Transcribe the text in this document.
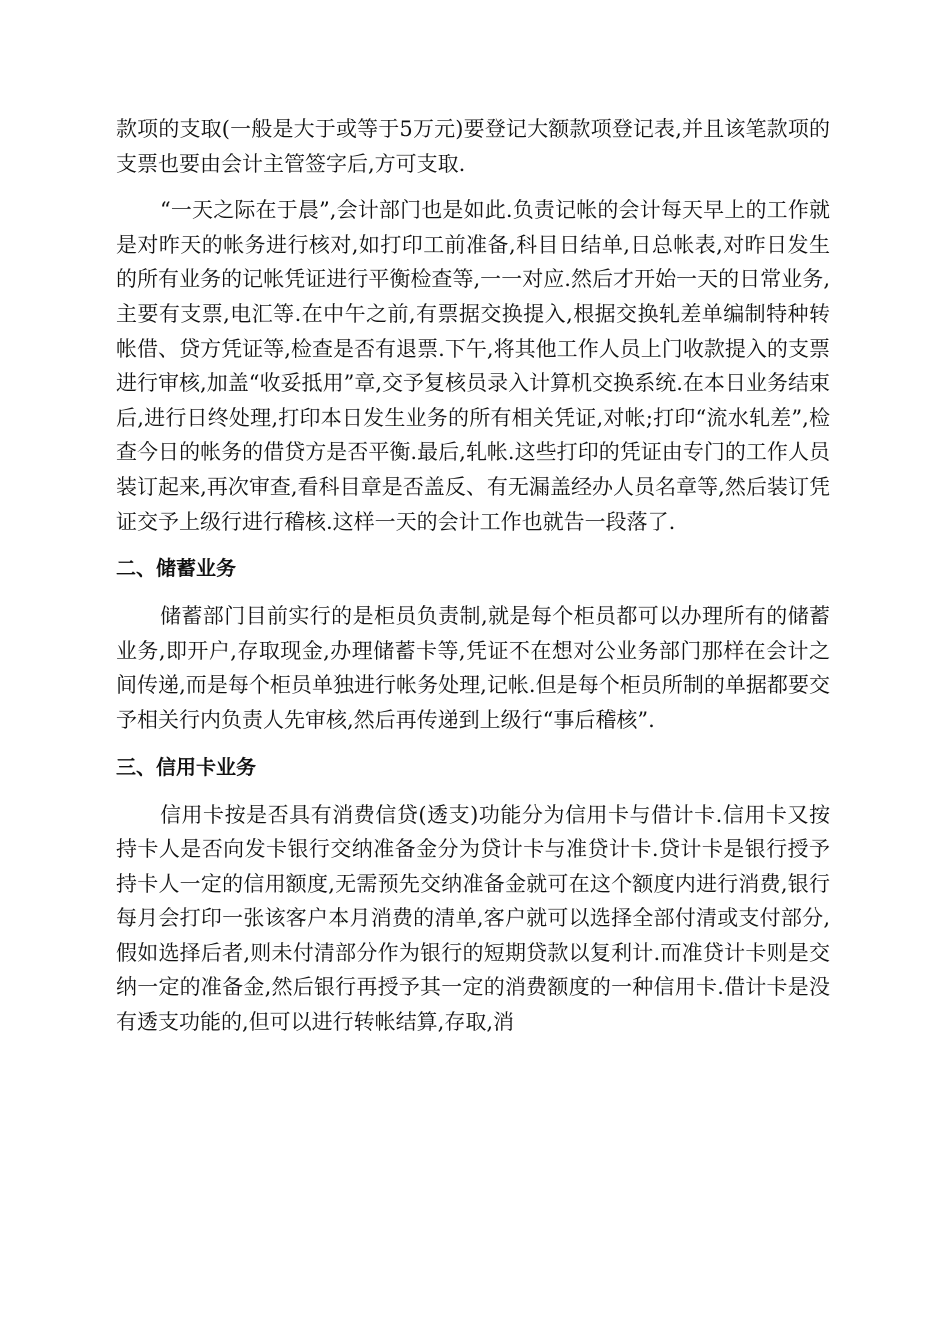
款项的支取(一般是大于或等于5万元)要登记大额款项登记表,并且该笔款项的支票也要由会计主管签字后,方可支取.

“一天之际在于晨”,会计部门也是如此.负责记帐的会计每天早上的工作就是对昨天的帐务进行核对,如打印工前准备,科目日结单,日总帐表,对昨日发生的所有业务的记帐凭证进行平衡检查等,一一对应.然后才开始一天的日常业务,主要有支票,电汇等.在中午之前,有票据交换提入,根据交换轧差单编制特种转帐借、贷方凭证等,检查是否有退票.下午,将其他工作人员上门收款提入的支票进行审核,加盖“收妥抵用”章,交予复核员录入计算机交换系统.在本日业务结束后,进行日终处理,打印本日发生业务的所有相关凭证,对帐;打印“流水轧差”,检查今日的帐务的借贷方是否平衡.最后,轧帐.这些打印的凭证由专门的工作人员装订起来,再次审查,看科目章是否盖反、有无漏盖经办人员名章等,然后装订凭证交予上级行进行稽核.这样一天的会计工作也就告一段落了.

二、储蓄业务

储蓄部门目前实行的是柜员负责制,就是每个柜员都可以办理所有的储蓄业务,即开户,存取现金,办理储蓄卡等,凭证不在想对公业务部门那样在会计之间传递,而是每个柜员单独进行帐务处理,记帐.但是每个柜员所制的单据都要交予相关行内负责人先审核,然后再传递到上级行“事后稽核”.

三、信用卡业务

信用卡按是否具有消费信贷(透支)功能分为信用卡与借计卡.信用卡又按持卡人是否向发卡银行交纳准备金分为贷计卡与准贷计卡.贷计卡是银行授予持卡人一定的信用额度,无需预先交纳准备金就可在这个额度内进行消费,银行每月会打印一张该客户本月消费的清单,客户就可以选择全部付清或支付部分,假如选择后者,则未付清部分作为银行的短期贷款以复利计.而准贷计卡则是交纳一定的准备金,然后银行再授予其一定的消费额度的一种信用卡.借计卡是没有透支功能的,但可以进行转帐结算,存取,消
